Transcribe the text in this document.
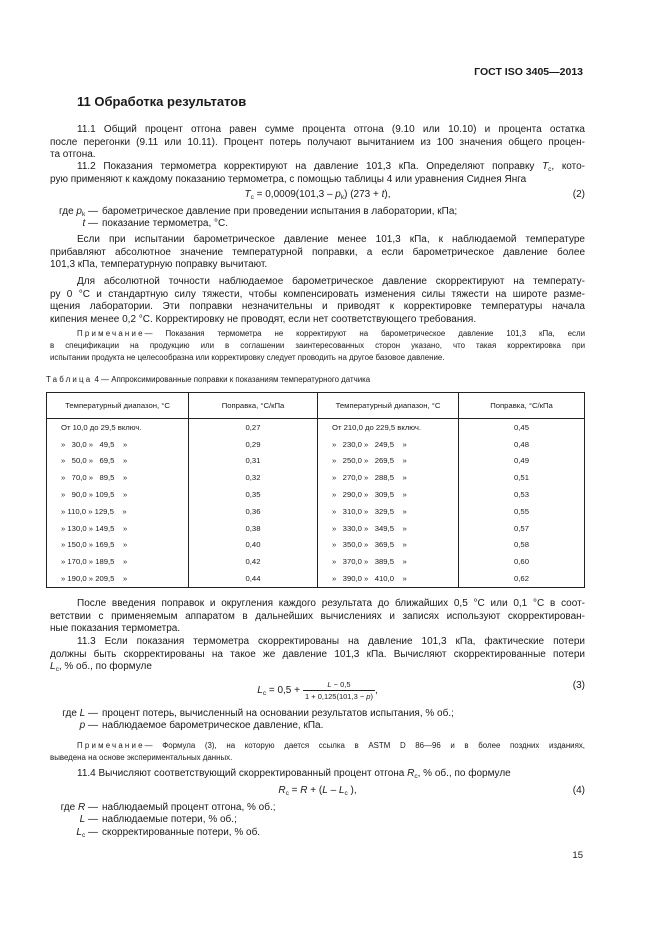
ГОСТ ISO 3405—2013
11 Обработка результатов
11.1 Общий процент отгона равен сумме процента отгона (9.10 или 10.10) и процента остатка
после перегонки (9.11 или 10.11). Процент потерь получают вычитанием из 100 значения общего процен-
та отгона.
11.2 Показания термометра корректируют на давление 101,3 кПа. Определяют поправку $T_c$, кото-
рую применяют к каждому показанию термометра, с помощью таблицы 4 или уравнения Сиднея Янга
$T_c = 0,0009(101,3 - p_k) (273 + t)$,	(2)
где $p_k$ — барометрическое давление при проведении испытания в лаборатории, кПа;
t — показание термометра, °С.
Если при испытании барометрическое давление менее 101,3 кПа, к наблюдаемой температуре
прибавляют абсолютное значение температурной поправки, а если барометрическое давление более
101,3 кПа, температурную поправку вычитают.
Для абсолютной точности наблюдаемое барометрическое давление скорректируют на температу-
ру 0 °С и стандартную силу тяжести, чтобы компенсировать изменения силы тяжести на широте разме-
щения лаборатории. Эти поправки незначительны и приводят к корректировке температуры начала
кипения менее 0,2 °С. Корректировку не проводят, если нет соответствующего требования.
Примечание— Показания термометра не корректируют на барометрическое давление 101,3 кПа, если
в спецификации на продукцию или в соглашении заинтересованных сторон указано, что такая корректировка при
испытании продукта не целесообразна или корректировку следует проводить на другое базовое давление.
Таблица 4 — Аппроксимированные поправки к показаниям температурного датчика
Температурный диапазон, °С	Поправка, °С/кПа	Температурный диапазон, °С	Поправка, °С/кПа
От 10,0 до 29,5 включ.	0,27	От 210,0 до 229,5 включ.	0,45
»   30,0 »   49,5    »	0,29	»   230,0 »   249,5    »	0,48
»   50,0 »   69,5    »	0,31	»   250,0 »   269,5    »	0,49
»   70,0 »   89,5    »	0,32	»   270,0 »   288,5    »	0,51
»   90,0 » 109,5    »	0,35	»   290,0 »   309,5    »	0,53
» 110,0 » 129,5    »	0,36	»   310,0 »   329,5    »	0,55
» 130,0 » 149,5    »	0,38	»   330,0 »   349,5    »	0,57
» 150,0 » 169,5    »	0,40	»   350,0 »   369,5    »	0,58
» 170,0 » 189,5    »	0,42	»   370,0 »   389,5    »	0,60
» 190,0 » 209,5    »	0,44	»   390,0 »   410,0    »	0,62
После введения поправок и округления каждого результата до ближайших 0,5 °С или 0,1 °С в соот-
ветствии с применяемым аппаратом в дальнейших вычислениях и записях используют скорректирован-
ные показания термометра.
11.3 Если показания термометра скорректированы на давление 101,3 кПа, фактические потери
должны быть скорректированы на такое же давление 101,3 кПа. Вычисляют скорректированные потери
$L_c$, % об., по формуле
$L_c = 0,5 + \frac{L - 0,5}{1 + 0,125(101,3 - p)}$ ,	(3)
где L — процент потерь, вычисленный на основании результатов испытания, % об.;
p — наблюдаемое барометрическое давление, кПа.
Примечание— Формула (3), на которую дается ссылка в ASTM D 86—96 и в более поздних изданиях,
выведена на основе экспериментальных данных.
11.4 Вычисляют соответствующий скорректированный процент отгона $R_c$, % об., по формуле
$R_c = R + (L - L_c$ ),	(4)
где R — наблюдаемый процент отгона, % об.;
L — наблюдаемые потери, % об.;
$L_c$ — скорректированные потери, % об.
15
